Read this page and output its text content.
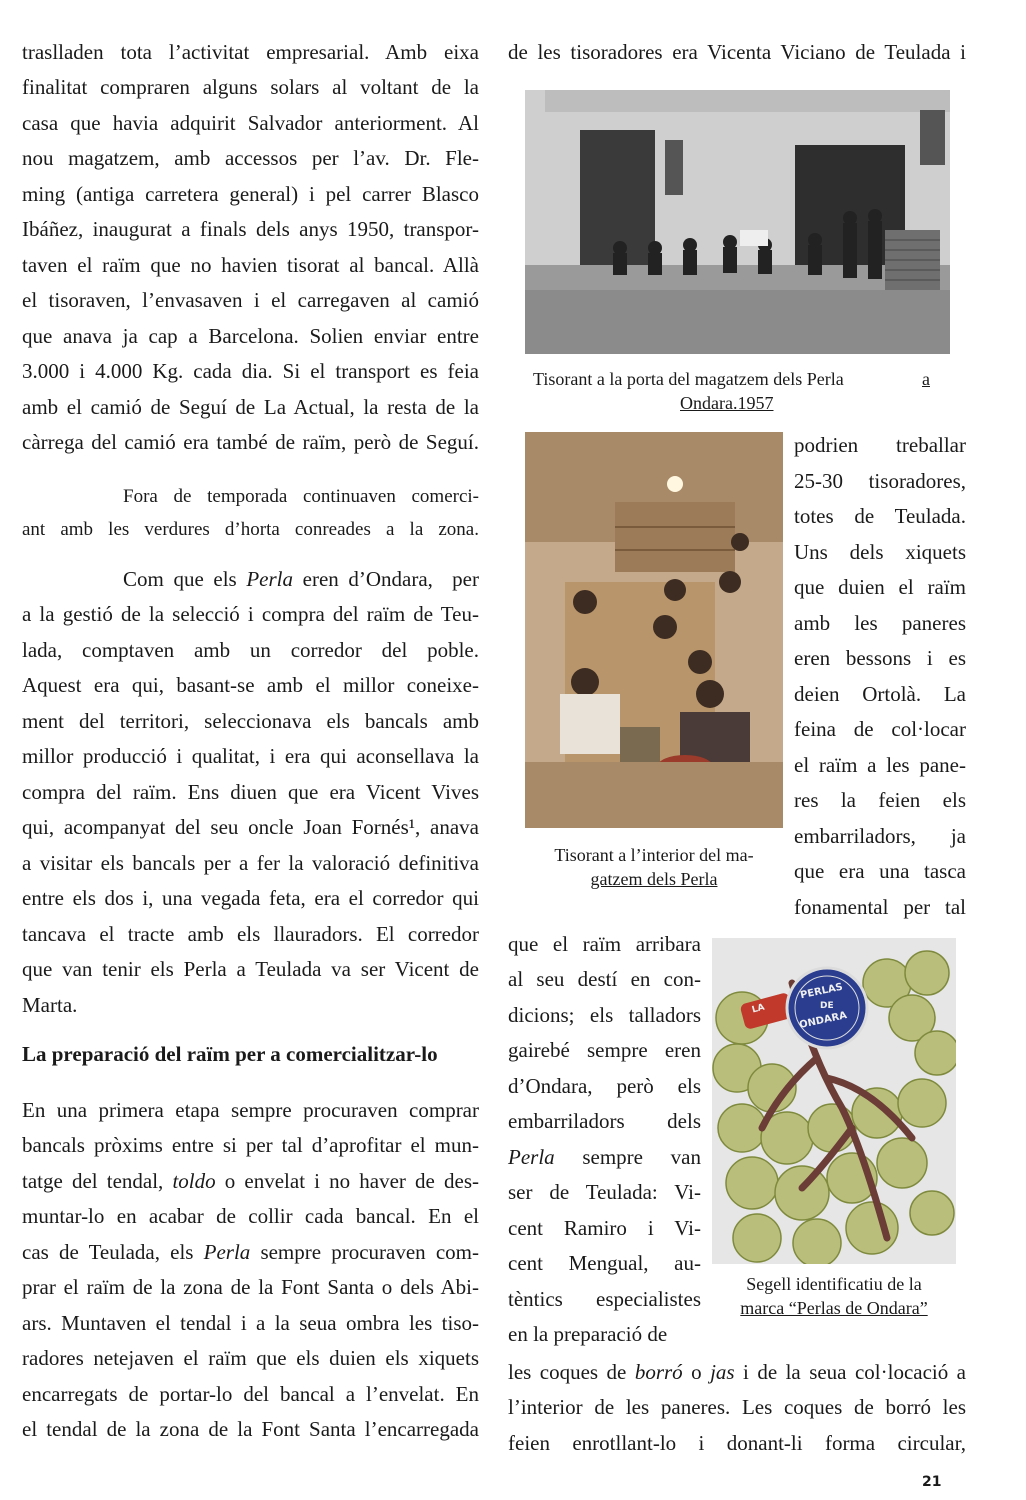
traslladen tota l’activitat empresarial. Amb eixa
finalitat compraren alguns solars al voltant de la
casa que havia adquirit Salvador anteriorment. Al
nou magatzem, amb accessos per l’av. Dr. Fle-
ming (antiga carretera general) i pel carrer Blasco
Ibáñez, inaugurat a finals dels anys 1950, transpor-
taven el raïm que no havien tisorat al bancal. Allà
el tisoraven, l’envasaven i el carregaven al camió
que anava ja cap a Barcelona. Solien enviar entre
3.000 i 4.000 Kg. cada dia. Si el transport es feia
amb el camió de Seguí de La Actual, la resta de la
càrrega del camió era també de raïm, però de Seguí.
Fora de temporada continuaven comerci-
ant amb les verdures d’horta conreades a la zona.
Com que els Perla eren d’Ondara,  per
a la gestió de la selecció i compra del raïm de Teu-
lada, comptaven amb un corredor del poble.
Aquest era qui, basant-se amb el millor coneixe-
ment del territori, seleccionava els bancals amb
millor producció i qualitat, i era qui aconsellava la
compra del raïm. Ens diuen que era Vicent Vives
qui, acompanyat del seu oncle Joan Fornés¹, anava
a visitar els bancals per a fer la valoració definitiva
entre els dos i, una vegada feta, era el corredor qui
tancava el tracte amb els llauradors. El corredor
que van tenir els Perla a Teulada va ser Vicent de
Marta.
La preparació del raïm per a comercialitzar-lo
En una primera etapa sempre procuraven comprar
bancals pròxims entre si per tal d’aprofitar el mun-
tatge del tendal, toldo o envelat i no haver de des-
muntar-lo en acabar de collir cada bancal. En el
cas de Teulada, els Perla sempre procuraven com-
prar el raïm de la zona de la Font Santa o dels Abi-
ars. Muntaven el tendal i a la seua ombra les tiso-
radores netejaven el raïm que els duien els xiquets
encarregats de portar-lo del bancal a l’envelat. En
el tendal de la zona de la Font Santa l’encarregada
de les tisoradores era Vicenta Viciano de Teulada i
Tisorant a la porta del magatzem dels Perla	a
Ondara.1957
Tisorant a l’interior del ma-
gatzem dels Perla
podrien treballar
25-30 tisoradores,
totes de Teulada.
Uns dels xiquets
que duien el raïm
amb les paneres
eren bessons i es
deien Ortolà. La
feina de col·locar
el raïm a les pane-
res la feien els
embarriladors, ja
que era una tasca
fonamental per tal
que el raïm arribara
al seu destí en con-
dicions; els talladors
gairebé sempre eren
d’Ondara, però els
embarriladors dels
Perla sempre van
ser de Teulada: Vi-
cent Ramiro i Vi-
cent Mengual, au-
tèntics especialistes
en la preparació de
PERLAS
DE
ONDARA
LA
Segell identificatiu de la
marca “Perlas de Ondara”
les coques de borró o jas i de la seua col·locació a
l’interior de les paneres. Les coques de borró les
feien enrotllant-lo i donant-li forma circular,
21
